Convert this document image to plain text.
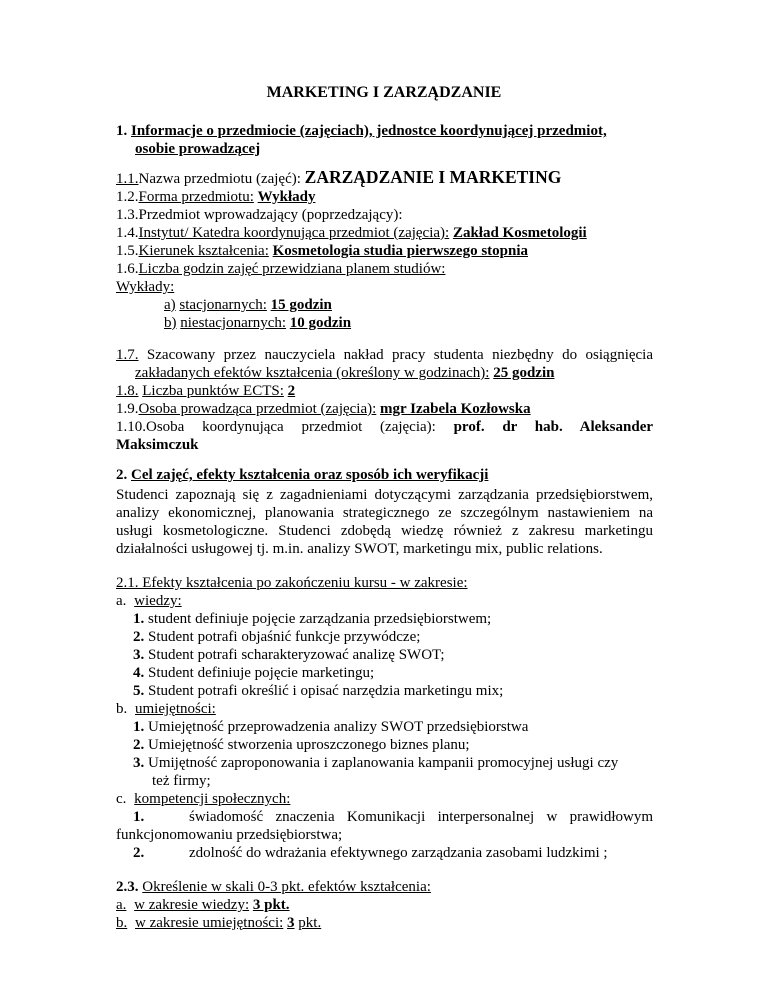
MARKETING I ZARZĄDZANIE
1. Informacje o przedmiocie (zajęciach), jednostce koordynującej przedmiot,
osobie prowadzącej
1.1.Nazwa przedmiotu (zajęć): ZARZĄDZANIE I MARKETING
1.2.Forma przedmiotu: Wykłady
1.3.Przedmiot wprowadzający (poprzedzający):
1.4.Instytut/ Katedra koordynująca przedmiot (zajęcia): Zakład Kosmetologii
1.5.Kierunek kształcenia: Kosmetologia studia pierwszego stopnia
1.6.Liczba godzin zajęć przewidziana planem studiów:
Wykłady:
a) stacjonarnych: 15 godzin
b) niestacjonarnych: 10 godzin
1.7. Szacowany przez nauczyciela nakład pracy studenta niezbędny do osiągnięcia
zakładanych efektów kształcenia (określony w godzinach): 25 godzin
1.8. Liczba punktów ECTS: 2
1.9.Osoba prowadząca przedmiot (zajęcia): mgr Izabela Kozłowska
1.10.Osoba koordynująca przedmiot (zajęcia): prof. dr hab. Aleksander
Maksimczuk
2. Cel zajęć, efekty kształcenia oraz sposób ich weryfikacji
Studenci zapoznają się z zagadnieniami dotyczącymi zarządzania przedsiębiorstwem,
analizy ekonomicznej, planowania strategicznego ze szczególnym nastawieniem na
usługi kosmetologiczne. Studenci zdobędą wiedzę również z zakresu marketingu
działalności usługowej tj. m.in. analizy SWOT, marketingu mix, public relations.
2.1. Efekty kształcenia po zakończeniu kursu - w zakresie:
a. wiedzy:
1. student definiuje pojęcie zarządzania przedsiębiorstwem;
2. Student potrafi objaśnić funkcje przywódcze;
3. Student potrafi scharakteryzować analizę SWOT;
4. Student definiuje pojęcie marketingu;
5. Student potrafi określić i opisać narzędzia marketingu mix;
b. umiejętności:
1. Umiejętność przeprowadzenia analizy SWOT przedsiębiorstwa
2. Umiejętność stworzenia uproszczonego biznes planu;
3. Umijętność zaproponowania i zaplanowania kampanii promocyjnej usługi czy
też firmy;
c. kompetencji społecznych:
1.	świadomość znaczenia Komunikacji interpersonalnej w prawidłowym
funkcjonomowaniu przedsiębiorstwa;
2.	zdolność do wdrażania efektywnego zarządzania zasobami ludzkimi ;
2.3. Określenie w skali 0-3 pkt. efektów kształcenia:
a. w zakresie wiedzy: 3 pkt.
b. w zakresie umiejętności: 3 pkt.
